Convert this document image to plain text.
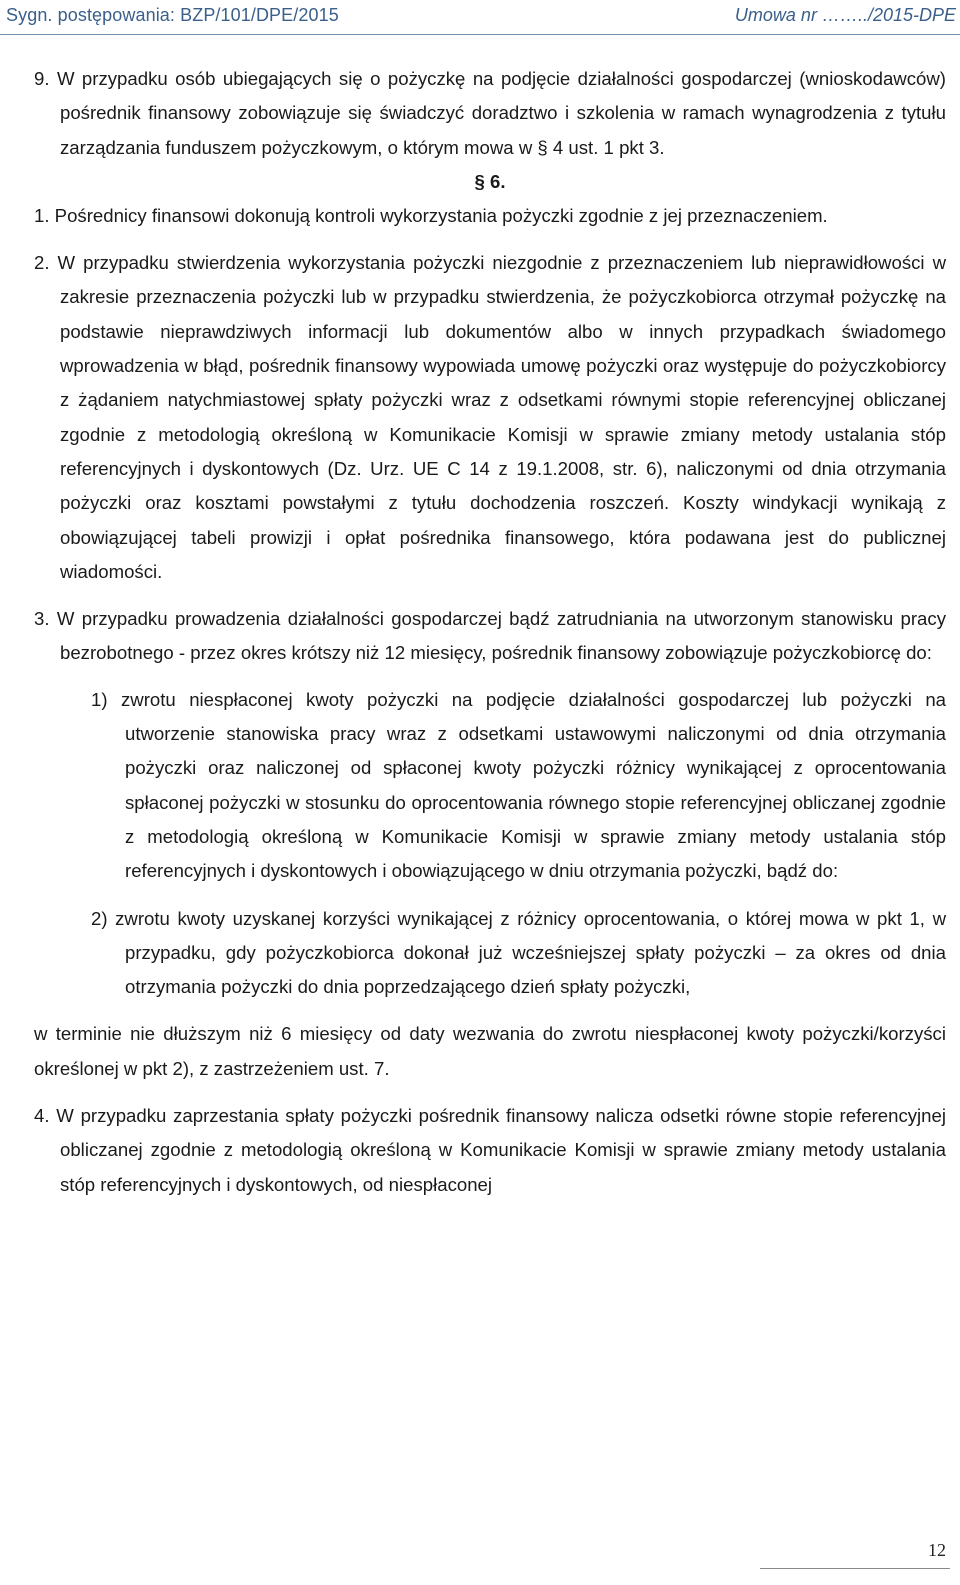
Sygn. postępowania: BZP/101/DPE/2015	Umowa nr ……../2015-DPE

9. W przypadku osób ubiegających się o pożyczkę na podjęcie działalności gospodarczej (wnioskodawców) pośrednik finansowy zobowiązuje się świadczyć doradztwo i szkolenia w ramach wynagrodzenia z tytułu zarządzania funduszem pożyczkowym, o którym mowa w § 4 ust. 1 pkt 3.

§ 6.

1. Pośrednicy finansowi dokonują kontroli wykorzystania pożyczki zgodnie z jej przeznaczeniem.

2. W przypadku stwierdzenia wykorzystania pożyczki niezgodnie z przeznaczeniem lub nieprawidłowości w zakresie przeznaczenia pożyczki lub w przypadku stwierdzenia, że pożyczkobiorca otrzymał pożyczkę na podstawie nieprawdziwych informacji lub dokumentów albo w innych przypadkach świadomego wprowadzenia w błąd, pośrednik finansowy wypowiada umowę pożyczki oraz występuje do pożyczkobiorcy z żądaniem natychmiastowej spłaty pożyczki wraz z odsetkami równymi stopie referencyjnej obliczanej zgodnie z metodologią określoną w Komunikacie Komisji w sprawie zmiany metody ustalania stóp referencyjnych i dyskontowych (Dz. Urz. UE C 14 z 19.1.2008, str. 6), naliczonymi od dnia otrzymania pożyczki oraz kosztami powstałymi z tytułu dochodzenia roszczeń. Koszty windykacji wynikają z obowiązującej tabeli prowizji i opłat pośrednika finansowego, która podawana jest do publicznej wiadomości.

3. W przypadku prowadzenia działalności gospodarczej bądź zatrudniania na utworzonym stanowisku pracy bezrobotnego - przez okres krótszy niż 12 miesięcy, pośrednik finansowy zobowiązuje pożyczkobiorcę do:

1) zwrotu niespłaconej kwoty pożyczki na podjęcie działalności gospodarczej lub pożyczki na utworzenie stanowiska pracy wraz z odsetkami ustawowymi naliczonymi od dnia otrzymania pożyczki oraz naliczonej od spłaconej kwoty pożyczki różnicy wynikającej z oprocentowania spłaconej pożyczki w stosunku do oprocentowania równego stopie referencyjnej obliczanej zgodnie z metodologią określoną w Komunikacie Komisji w sprawie zmiany metody ustalania stóp referencyjnych i dyskontowych i obowiązującego w dniu otrzymania pożyczki, bądź do:

2) zwrotu kwoty uzyskanej korzyści wynikającej z różnicy oprocentowania, o której mowa w pkt 1, w przypadku, gdy pożyczkobiorca dokonał już wcześniejszej spłaty pożyczki – za okres od dnia otrzymania pożyczki do dnia poprzedzającego dzień spłaty pożyczki,

w terminie nie dłuższym niż 6 miesięcy od daty wezwania do zwrotu niespłaconej kwoty pożyczki/korzyści określonej w pkt 2), z zastrzeżeniem ust. 7.

4. W przypadku zaprzestania spłaty pożyczki pośrednik finansowy nalicza odsetki równe stopie referencyjnej obliczanej zgodnie z metodologią określoną w Komunikacie Komisji w sprawie zmiany metody ustalania stóp referencyjnych i dyskontowych, od niespłaconej

12
